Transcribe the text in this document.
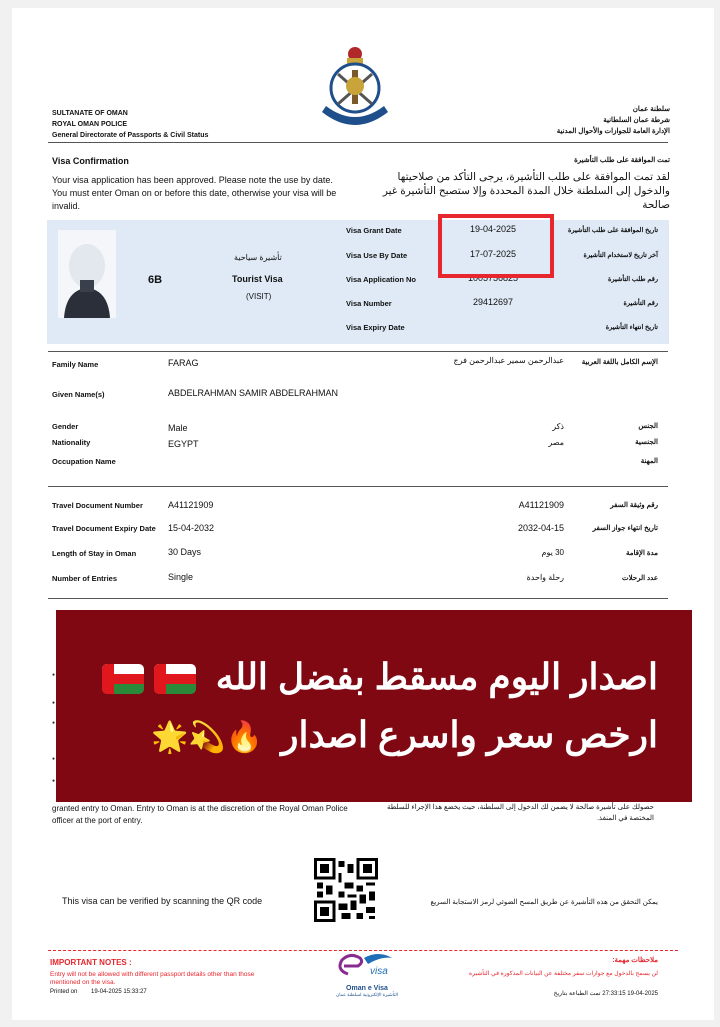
SULTANATE OF OMAN
ROYAL OMAN POLICE
General Directorate of Passports & Civil Status
سلطنة عمان
شرطة عمان السلطانية
الإدارة العامة للجوازات والأحوال المدنية
Visa Confirmation	تمت الموافقة على طلب التأشيرة
Your visa application has been approved. Please note the use by date. You must enter Oman on or before this date, otherwise your visa will be invalid.
لقد تمت الموافقة على طلب التأشيرة، يرجى التأكد من صلاحيتها والدخول إلى السلطنة خلال المدة المحددة وإلا ستصبح التأشيرة غير صالحة
6B
تأشيرة سياحية
Tourist Visa
(VISIT)
Visa Grant Date	19-04-2025	تاريخ الموافقة على طلب التأشيرة
Visa Use By Date	17-07-2025	آخر تاريخ لاستخدام التأشيرة
Visa Application No	1005756825	رقم طلب التأشيرة
Visa Number	29412697	رقم التأشيرة
Visa Expiry Date	تاريخ انتهاء التأشيرة
Family Name	FARAG	عبدالرحمن سمير عبدالرحمن فرج	الإسم الكامل باللغة العربية
Given Name(s)	ABDELRAHMAN SAMIR ABDELRAHMAN
Gender	Male	ذكر	الجنس
Nationality	EGYPT	مصر	الجنسية
Occupation Name	المهنة
Travel Document Number	A41121909	A41121909	رقم وثيقة السفر
Travel Document Expiry Date 15-04-2032	2032-04-15	تاريخ انتهاء جواز السفر
Length of Stay in Oman	30 Days	30 يوم	مدة الإقامة
Number of Entries	Single	رحلة واحدة	عدد الرحلات
●
●
●
●
●
granted entry to Oman. Entry to Oman is at the discretion of the Royal Oman Police officer at the port of entry.
حصولك على تأشيرة صالحة لا يضمن لك الدخول إلى السلطنة، حيث يخضع هذا الإجراء للسلطة المختصة في المنفذ.
This visa can be verified by scanning the QR code	يمكن التحقق من هذه التأشيرة عن طريق المسح الضوئي لرمز الاستجابة السريع
IMPORTANT NOTES :
Entry will not be allowed with different passport details other than those mentioned on the visa.
ملاحظات مهمة:
لن يسمح بالدخول مع جوازات سفر مختلفة عن البيانات المذكورة في التأشيرة
visa
Oman e Visa
التأشيرة الإلكترونية لسلطنة عمان
Printed on 19-04-2025 15:33:27	19-04-2025 27:33:15 تمت الطباعة بتاريخ
اصدار اليوم مسقط بفضل الله
ارخص سعر واسرع اصدار 🔥💫🌟
